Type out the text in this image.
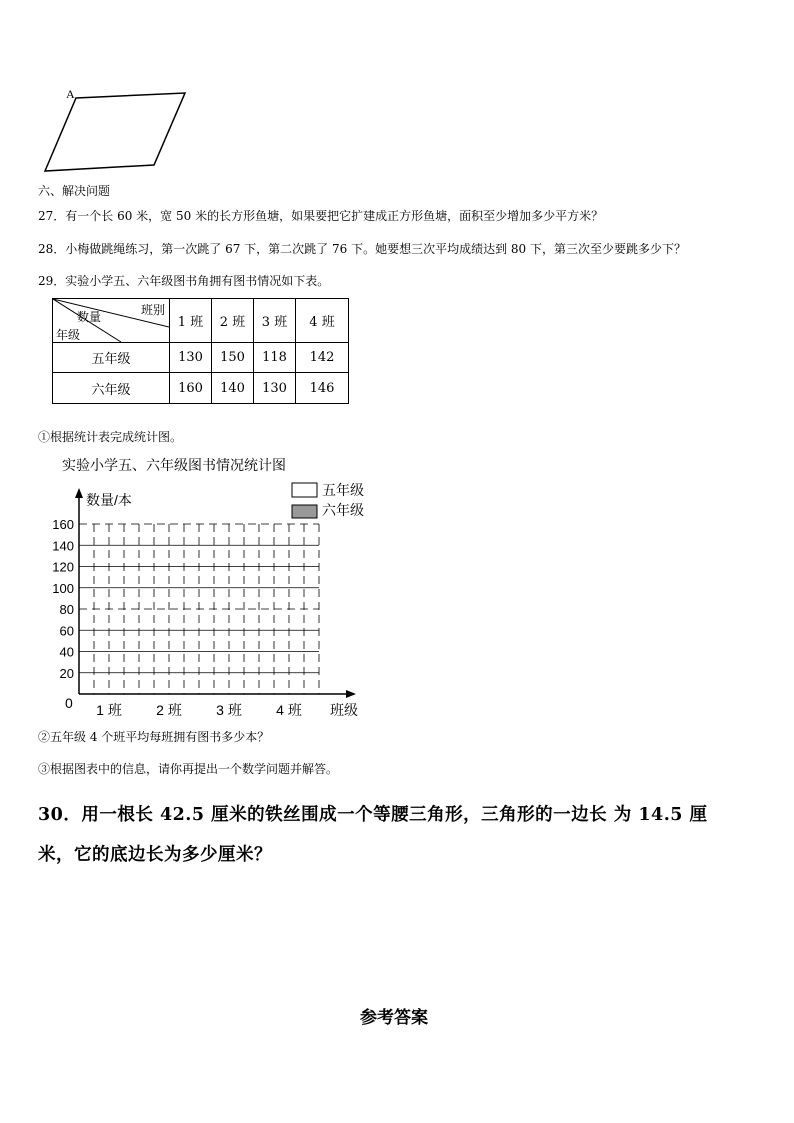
A
六、解决问题
27．有一个长 60 米，宽 50 米的长方形鱼塘，如果要把它扩建成正方形鱼塘，面积至少增加多少平方米？
28．小梅做跳绳练习，第一次跳了 67 下，第二次跳了 76 下。她要想三次平均成绩达到 80 下，第三次至少要跳多少下？
29．实验小学五、六年级图书角拥有图书情况如下表。
班别
数量
年级	1 班	2 班	3 班	4 班
五年级	130	150	118	142
六年级	160	140	130	146
①根据统计表完成统计图。
实验小学五、六年级图书情况统计图
数量/本
班级
0
五年级
六年级
20
40
60
80
100
120
140
160
1 班 2 班 3 班 4 班
②五年级 4 个班平均每班拥有图书多少本？
③根据图表中的信息，请你再提出一个数学问题并解答。
30．用一根长 42.5 厘米的铁丝围成一个等腰三角形，三角形的一边长 为 14.5 厘米，它的底边长为多少厘米？
参考答案
